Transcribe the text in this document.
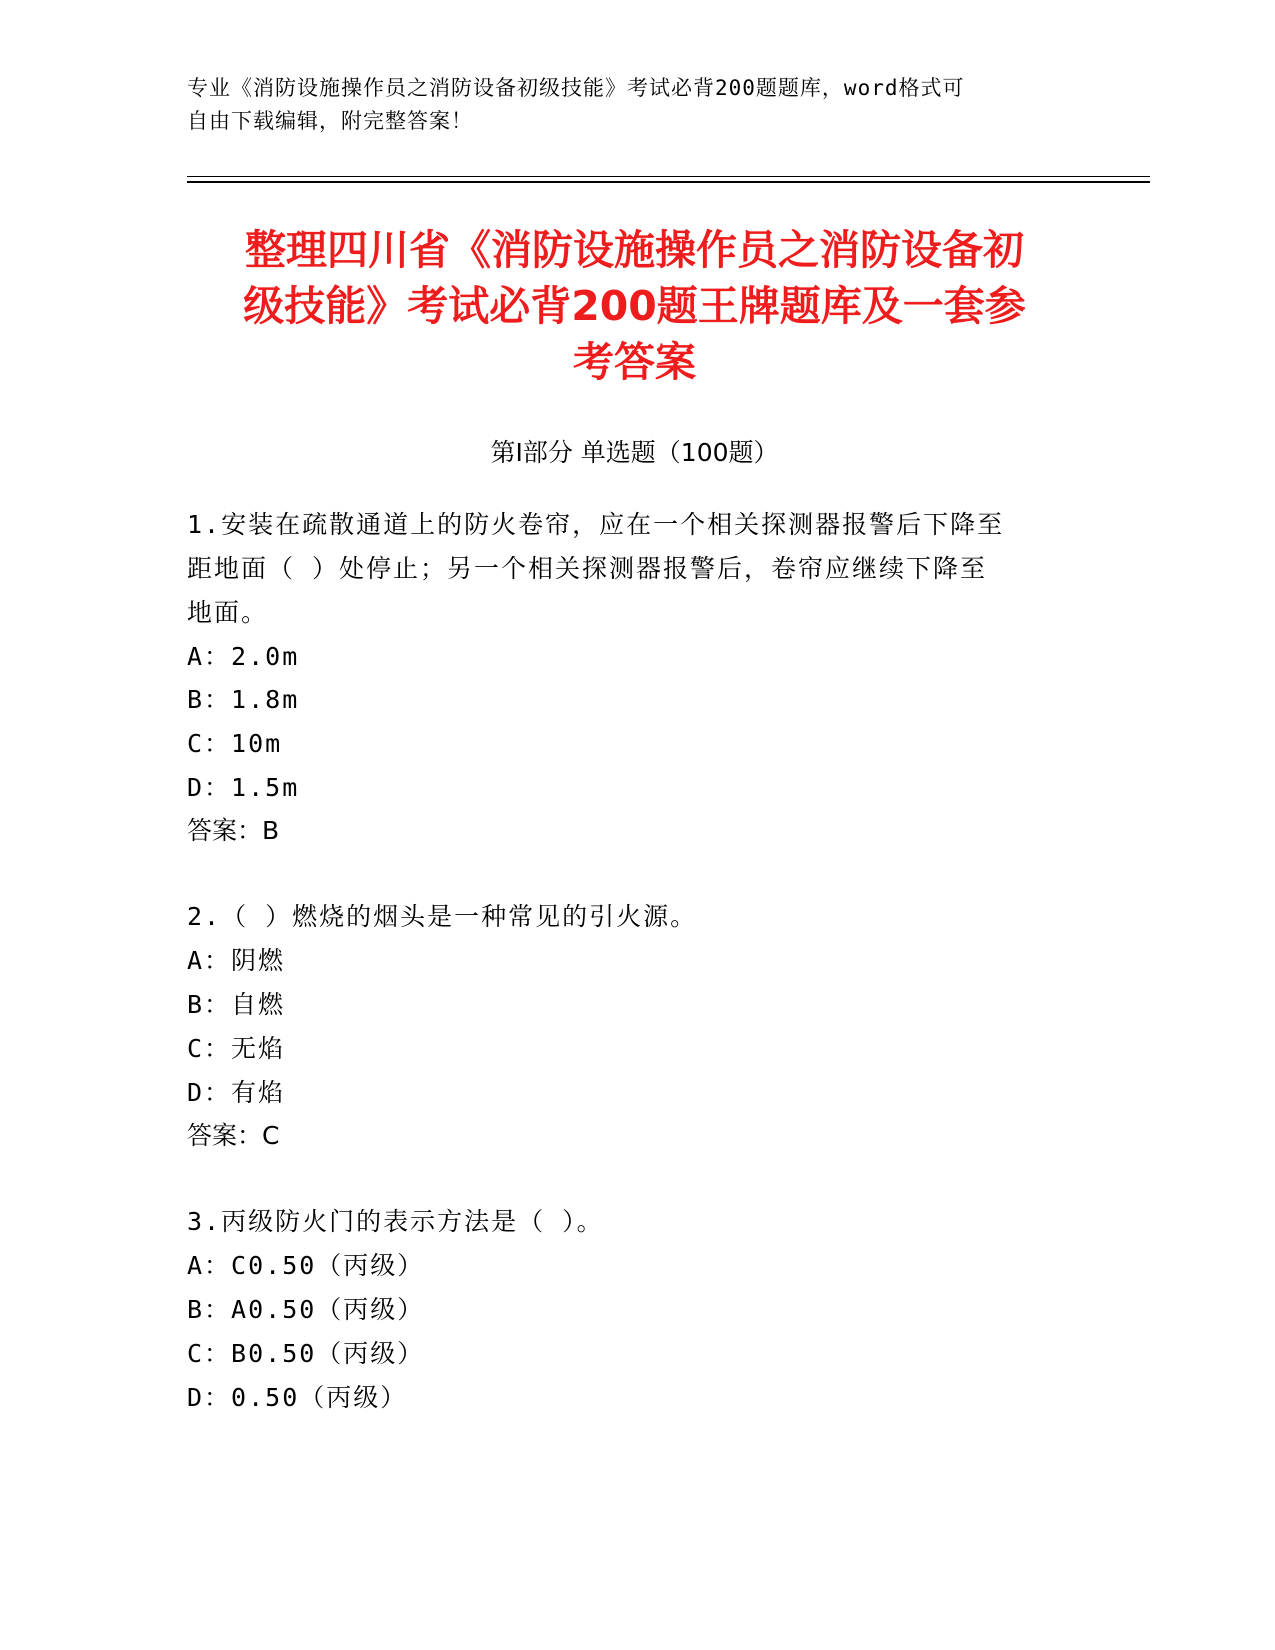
专业《消防设施操作员之消防设备初级技能》考试必背200题题库，word格式可
自由下载编辑，附完整答案！
整理四川省《消防设施操作员之消防设备初
级技能》考试必背200题王牌题库及一套参
考答案
第Ⅰ部分 单选题（100题）
1.安装在疏散通道上的防火卷帘，应在一个相关探测器报警后下降至
距地面（ ）处停止；另一个相关探测器报警后，卷帘应继续下降至
地面。
A：2.0m
B：1.8m
C：10m
D：1.5m
答案：B
2.（ ）燃烧的烟头是一种常见的引火源。
A：阴燃
B：自燃
C：无焰
D：有焰
答案：C
3.丙级防火门的表示方法是（ ）。
A：C0.50（丙级）
B：A0.50（丙级）
C：B0.50（丙级）
D：0.50（丙级）
